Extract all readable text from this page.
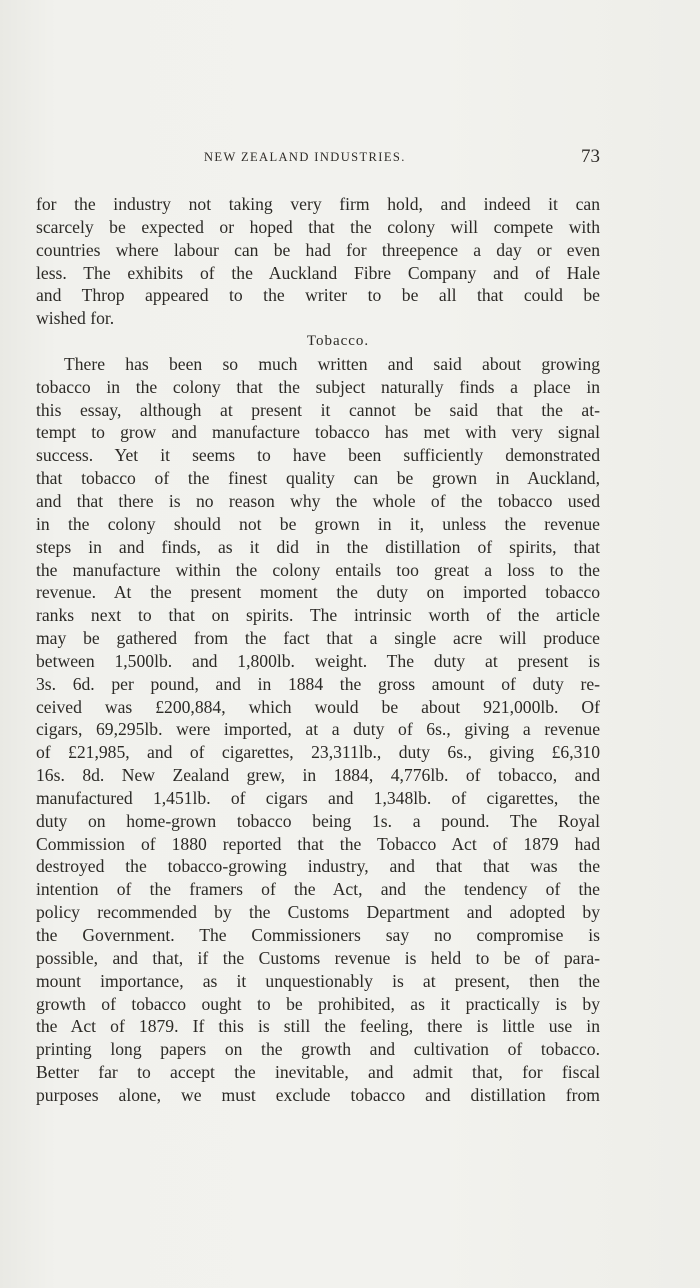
NEW ZEALAND INDUSTRIES.	73
for the industry not taking very firm hold, and indeed it can
scarcely be expected or hoped that the colony will compete with
countries where labour can be had for threepence a day or even
less. The exhibits of the Auckland Fibre Company and of Hale
and Throp appeared to the writer to be all that could be
wished for.
Tobacco.
There has been so much written and said about growing
tobacco in the colony that the subject naturally finds a place in
this essay, although at present it cannot be said that the at-
tempt to grow and manufacture tobacco has met with very signal
success. Yet it seems to have been sufficiently demonstrated
that tobacco of the finest quality can be grown in Auckland,
and that there is no reason why the whole of the tobacco used
in the colony should not be grown in it, unless the revenue
steps in and finds, as it did in the distillation of spirits, that
the manufacture within the colony entails too great a loss to the
revenue. At the present moment the duty on imported tobacco
ranks next to that on spirits. The intrinsic worth of the article
may be gathered from the fact that a single acre will produce
between 1,500lb. and 1,800lb. weight. The duty at present is
3s. 6d. per pound, and in 1884 the gross amount of duty re-
ceived was £200,884, which would be about 921,000lb. Of
cigars, 69,295lb. were imported, at a duty of 6s., giving a revenue
of £21,985, and of cigarettes, 23,311lb., duty 6s., giving £6,310
16s. 8d. New Zealand grew, in 1884, 4,776lb. of tobacco, and
manufactured 1,451lb. of cigars and 1,348lb. of cigarettes, the
duty on home-grown tobacco being 1s. a pound. The Royal
Commission of 1880 reported that the Tobacco Act of 1879 had
destroyed the tobacco-growing industry, and that that was the
intention of the framers of the Act, and the tendency of the
policy recommended by the Customs Department and adopted by
the Government. The Commissioners say no compromise is
possible, and that, if the Customs revenue is held to be of para-
mount importance, as it unquestionably is at present, then the
growth of tobacco ought to be prohibited, as it practically is by
the Act of 1879. If this is still the feeling, there is little use in
printing long papers on the growth and cultivation of tobacco.
Better far to accept the inevitable, and admit that, for fiscal
purposes alone, we must exclude tobacco and distillation from
